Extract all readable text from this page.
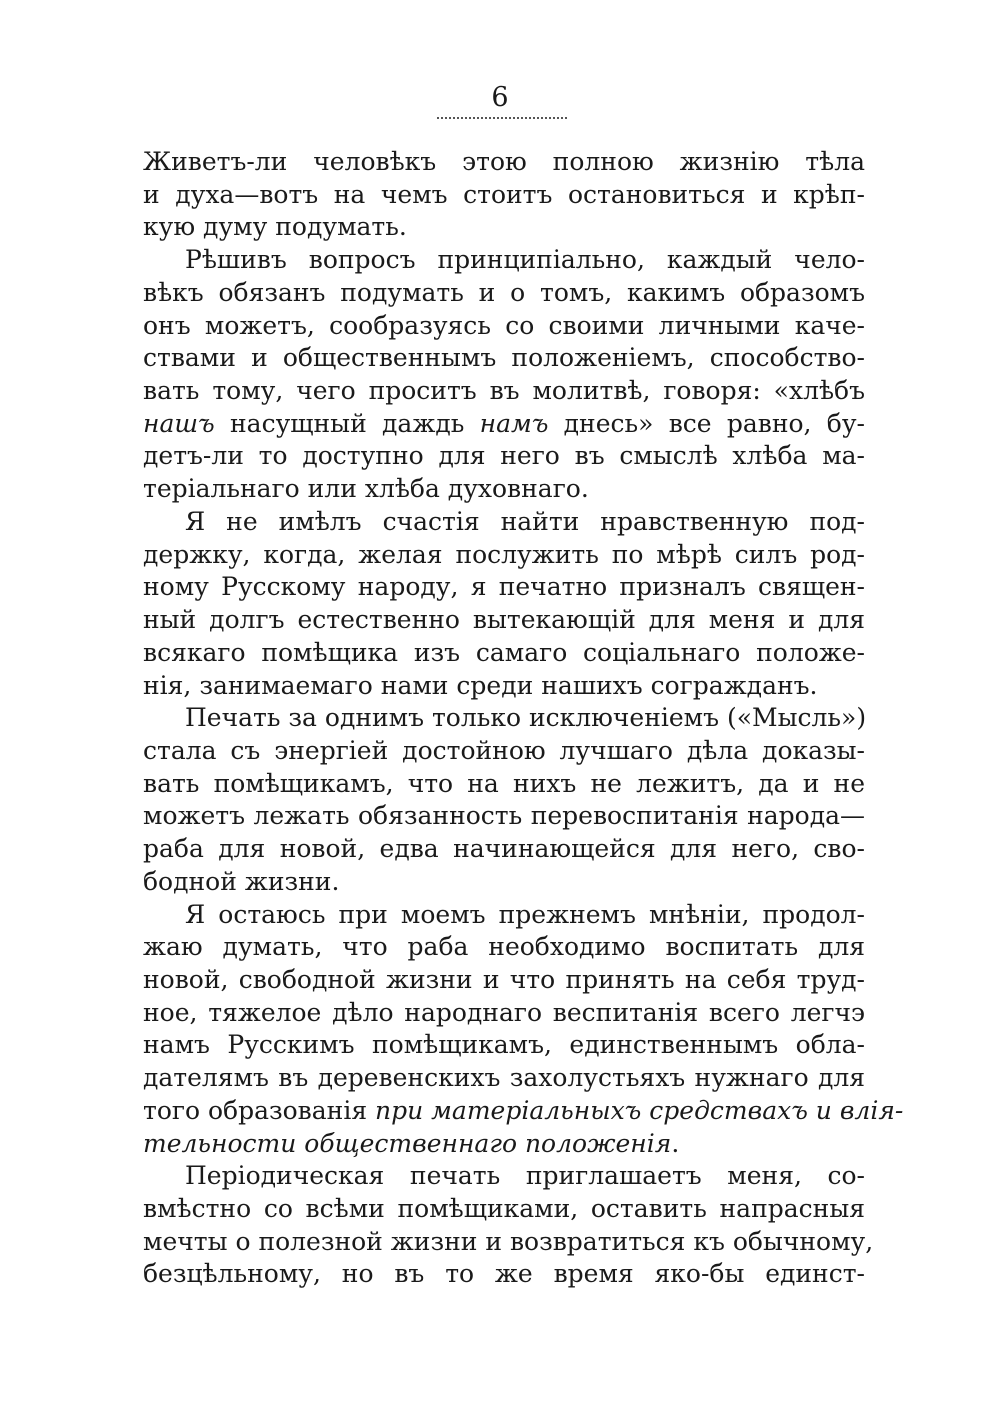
6
Живетъ-ли человѣкъ этою полною жизнію тѣла
и духа—вотъ на чемъ стоитъ остановиться и крѣп-
кую думу подумать.
Рѣшивъ вопросъ принципіально, каждый чело-
вѣкъ обязанъ подумать и о томъ, какимъ образомъ
онъ можетъ, сообразуясь со своими личными каче-
ствами и общественнымъ положеніемъ, способство-
вать тому, чего проситъ въ молитвѣ, говоря: «хлѣбъ
нашъ насущный даждь намъ днесь» все равно, бу-
детъ-ли то доступно для него въ смыслѣ хлѣба ма-
теріальнаго или хлѣба духовнаго.
Я не имѣлъ счастія найти нравственную под-
держку, когда, желая послужить по мѣрѣ силъ род-
ному Русскому народу, я печатно призналъ священ-
ный долгъ естественно вытекающій для меня и для
всякаго помѣщика изъ самаго соціальнаго положе-
нія, занимаемаго нами среди нашихъ согражданъ.
Печать за однимъ только исключеніемъ («Мысль»)
стала съ энергіей достойною лучшаго дѣла доказы-
вать помѣщикамъ, что на нихъ не лежитъ, да и не
можетъ лежать обязанность перевоспитанія народа—
раба для новой, едва начинающейся для него, сво-
бодной жизни.
Я остаюсь при моемъ прежнемъ мнѣніи, продол-
жаю думать, что раба необходимо воспитать для
новой, свободной жизни и что принять на себя труд-
ное, тяжелое дѣло народнаго веспитанія всего легчэ
намъ Русскимъ помѣщикамъ, единственнымъ обла-
дателямъ въ деревенскихъ захолустьяхъ нужнаго для
того образованія при матеріальныхъ средствахъ и влія-
тельности общественнаго положенія.
Періодическая печать приглашаетъ меня, со-
вмѣстно со всѣми помѣщиками, оставить напрасныя
мечты о полезной жизни и возвратиться къ обычному,
безцѣльному, но въ то же время яко-бы единст-
